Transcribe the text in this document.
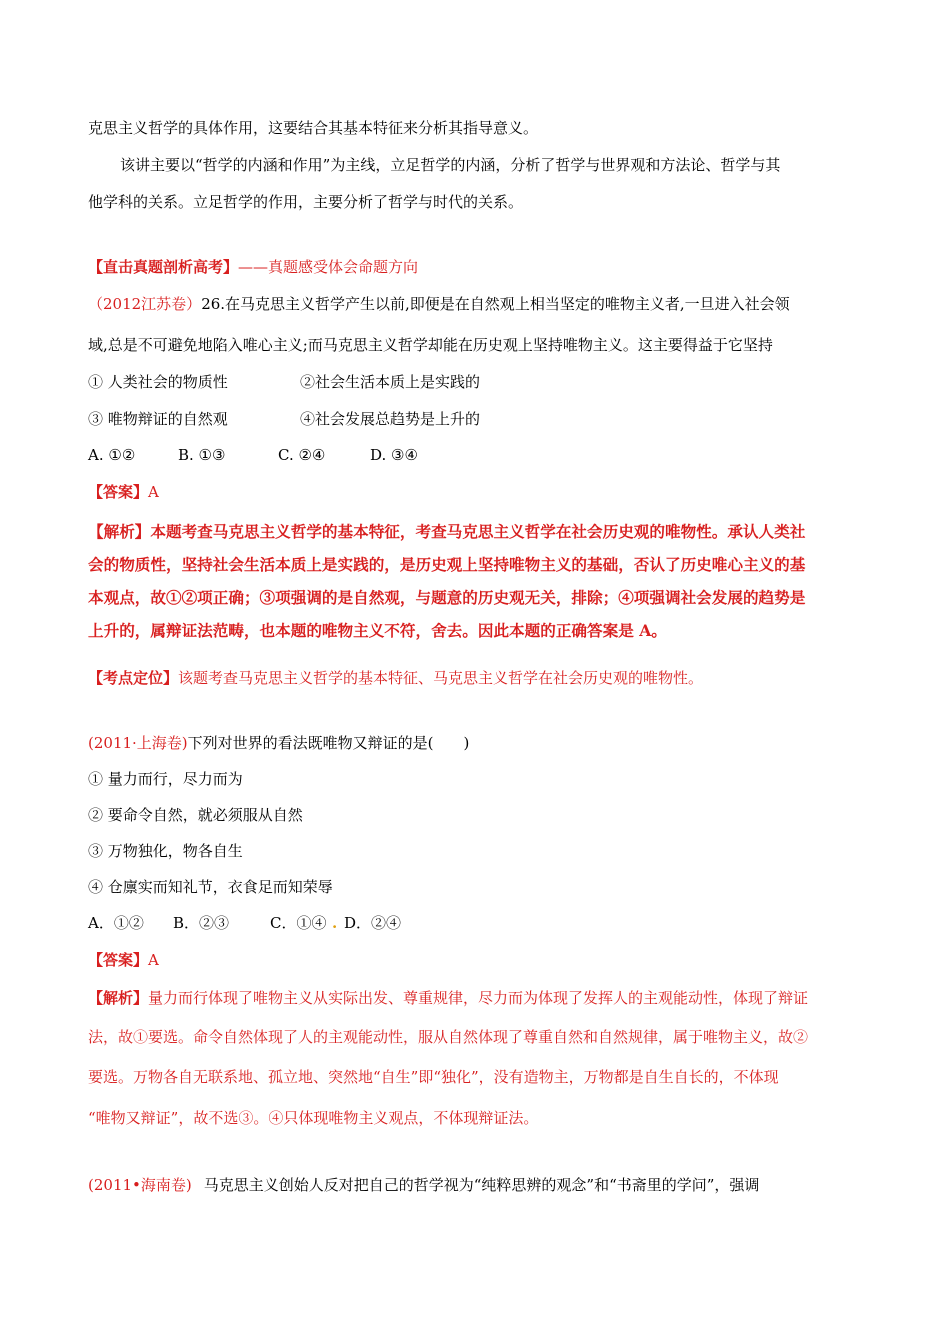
克思主义哲学的具体作用，这要结合其基本特征来分析其指导意义。
该讲主要以“哲学的内涵和作用”为主线，立足哲学的内涵，分析了哲学与世界观和方法论、哲学与其
他学科的关系。立足哲学的作用，主要分析了哲学与时代的关系。
【直击真题剖析高考】——真题感受体会命题方向
（2012江苏卷）26.在马克思主义哲学产生以前,即便是在自然观上相当坚定的唯物主义者,一旦进入社会领
域,总是不可避免地陷入唯心主义;而马克思主义哲学却能在历史观上坚持唯物主义。这主要得益于它坚持
① 人类社会的物质性	②社会生活本质上是实践的
③ 唯物辩证的自然观	④社会发展总趋势是上升的
A. ①②	B. ①③	C. ②④	D. ③④
【答案】A
【解析】本题考查马克思主义哲学的基本特征，考查马克思主义哲学在社会历史观的唯物性。承认人类社
会的物质性，坚持社会生活本质上是实践的，是历史观上坚持唯物主义的基础，否认了历史唯心主义的基
本观点，故①②项正确；③项强调的是自然观，与题意的历史观无关，排除；④项强调社会发展的趋势是
上升的，属辩证法范畴，也本题的唯物主义不符，舍去。因此本题的正确答案是 A。
【考点定位】该题考查马克思主义哲学的基本特征、马克思主义哲学在社会历史观的唯物性。
(2011·上海卷)下列对世界的看法既唯物又辩证的是(　　)
① 量力而行，尽力而为
② 要命令自然，就必须服从自然
③ 万物独化，物各自生
④ 仓廪实而知礼节，衣食足而知荣辱
A．①② B．②③	C．①④ . D．②④
【答案】A
【解析】量力而行体现了唯物主义从实际出发、尊重规律，尽力而为体现了发挥人的主观能动性，体现了辩证
法，故①要选。命令自然体现了人的主观能动性，服从自然体现了尊重自然和自然规律，属于唯物主义，故②
要选。万物各自无联系地、孤立地、突然地“自生”即“独化”，没有造物主，万物都是自生自长的，不体现
“唯物又辩证”，故不选③。④只体现唯物主义观点，不体现辩证法。
(2011•海南卷) 马克思主义创始人反对把自己的哲学视为“纯粹思辨的观念”和“书斋里的学问”，强调
